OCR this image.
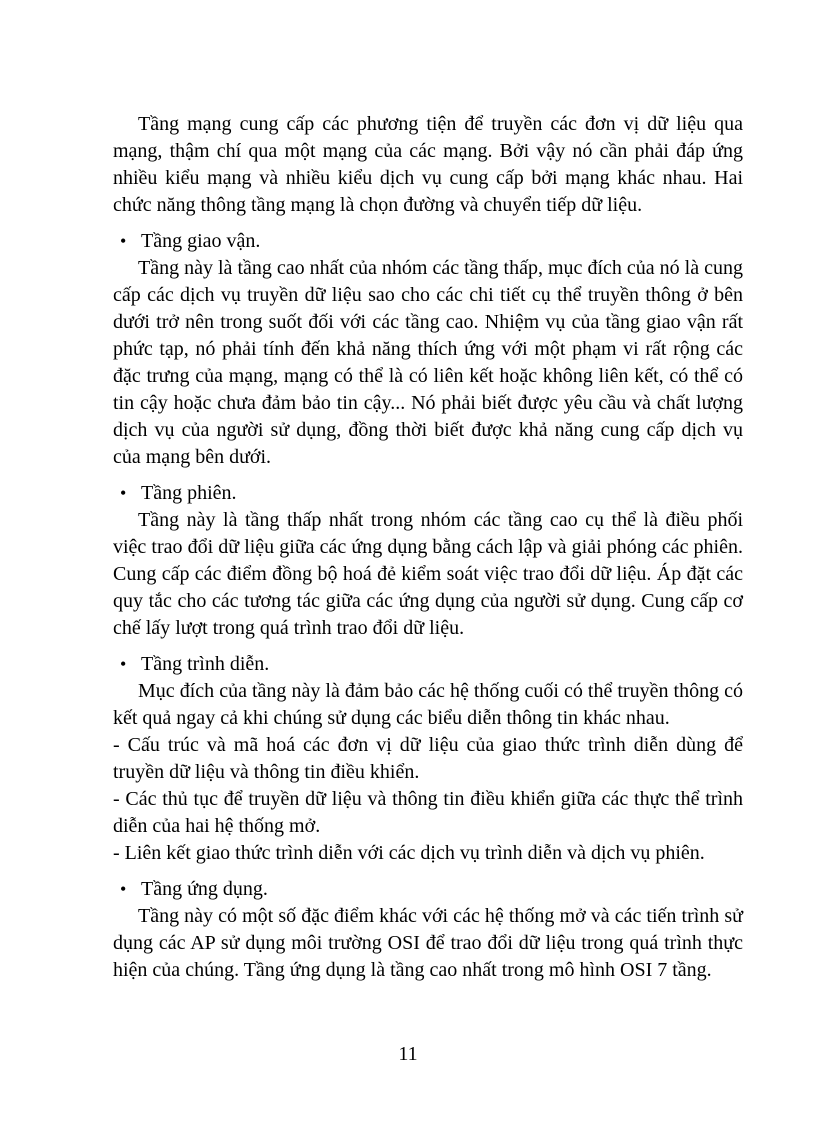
Tầng mạng cung cấp các phương tiện để truyền các đơn vị dữ liệu qua mạng, thậm chí qua một mạng của các mạng. Bởi vậy nó cần phải đáp ứng nhiều kiểu mạng và nhiều kiểu dịch vụ cung cấp bởi mạng khác nhau. Hai chức năng thông tầng mạng là chọn đường và chuyển tiếp dữ liệu.

• Tầng giao vận.

Tầng này là tầng cao nhất của nhóm các tầng thấp, mục đích của nó là cung cấp các dịch vụ truyền dữ liệu sao cho các chi tiết cụ thể truyền thông ở bên dưới trở nên trong suốt đối với các tầng cao. Nhiệm vụ của tầng giao vận rất phức tạp, nó phải tính đến khả năng thích ứng với một phạm vi rất rộng các đặc trưng của mạng, mạng có thể là có liên kết hoặc không liên kết, có thể có tin cậy hoặc chưa đảm bảo tin cậy... Nó phải biết được yêu cầu và chất lượng dịch vụ của người sử dụng, đồng thời biết được khả năng cung cấp dịch vụ của mạng bên dưới.

• Tầng phiên.

Tầng này là tầng thấp nhất trong nhóm các tầng cao cụ thể là điều phối việc trao đổi dữ liệu giữa các ứng dụng bằng cách lập và giải phóng các phiên. Cung cấp các điểm đồng bộ hoá đẻ kiểm soát việc trao đổi dữ liệu. Áp đặt các quy tắc cho các tương tác giữa các ứng dụng của người sử dụng. Cung cấp cơ chế lấy lượt trong quá trình trao đổi dữ liệu.

• Tầng trình diễn.

Mục đích của tầng này là đảm bảo các hệ thống cuối có thể truyền thông có kết quả ngay cả khi chúng sử dụng các biểu diễn thông tin khác nhau.

- Cấu trúc và mã hoá các đơn vị dữ liệu của giao thức trình diễn dùng để truyền dữ liệu và thông tin điều khiển.

- Các thủ tục để truyền dữ liệu và thông tin điều khiển giữa các thực thể trình diễn của hai hệ thống mở.

- Liên kết giao thức trình diễn với các dịch vụ trình diễn và dịch vụ phiên.

• Tầng ứng dụng.

Tầng này có một số đặc điểm khác với các hệ thống mở và các tiến trình sử dụng các AP sử dụng môi trường OSI để trao đổi dữ liệu trong quá trình thực hiện của chúng. Tầng ứng dụng là tầng cao nhất trong mô hình OSI 7 tầng.

11
